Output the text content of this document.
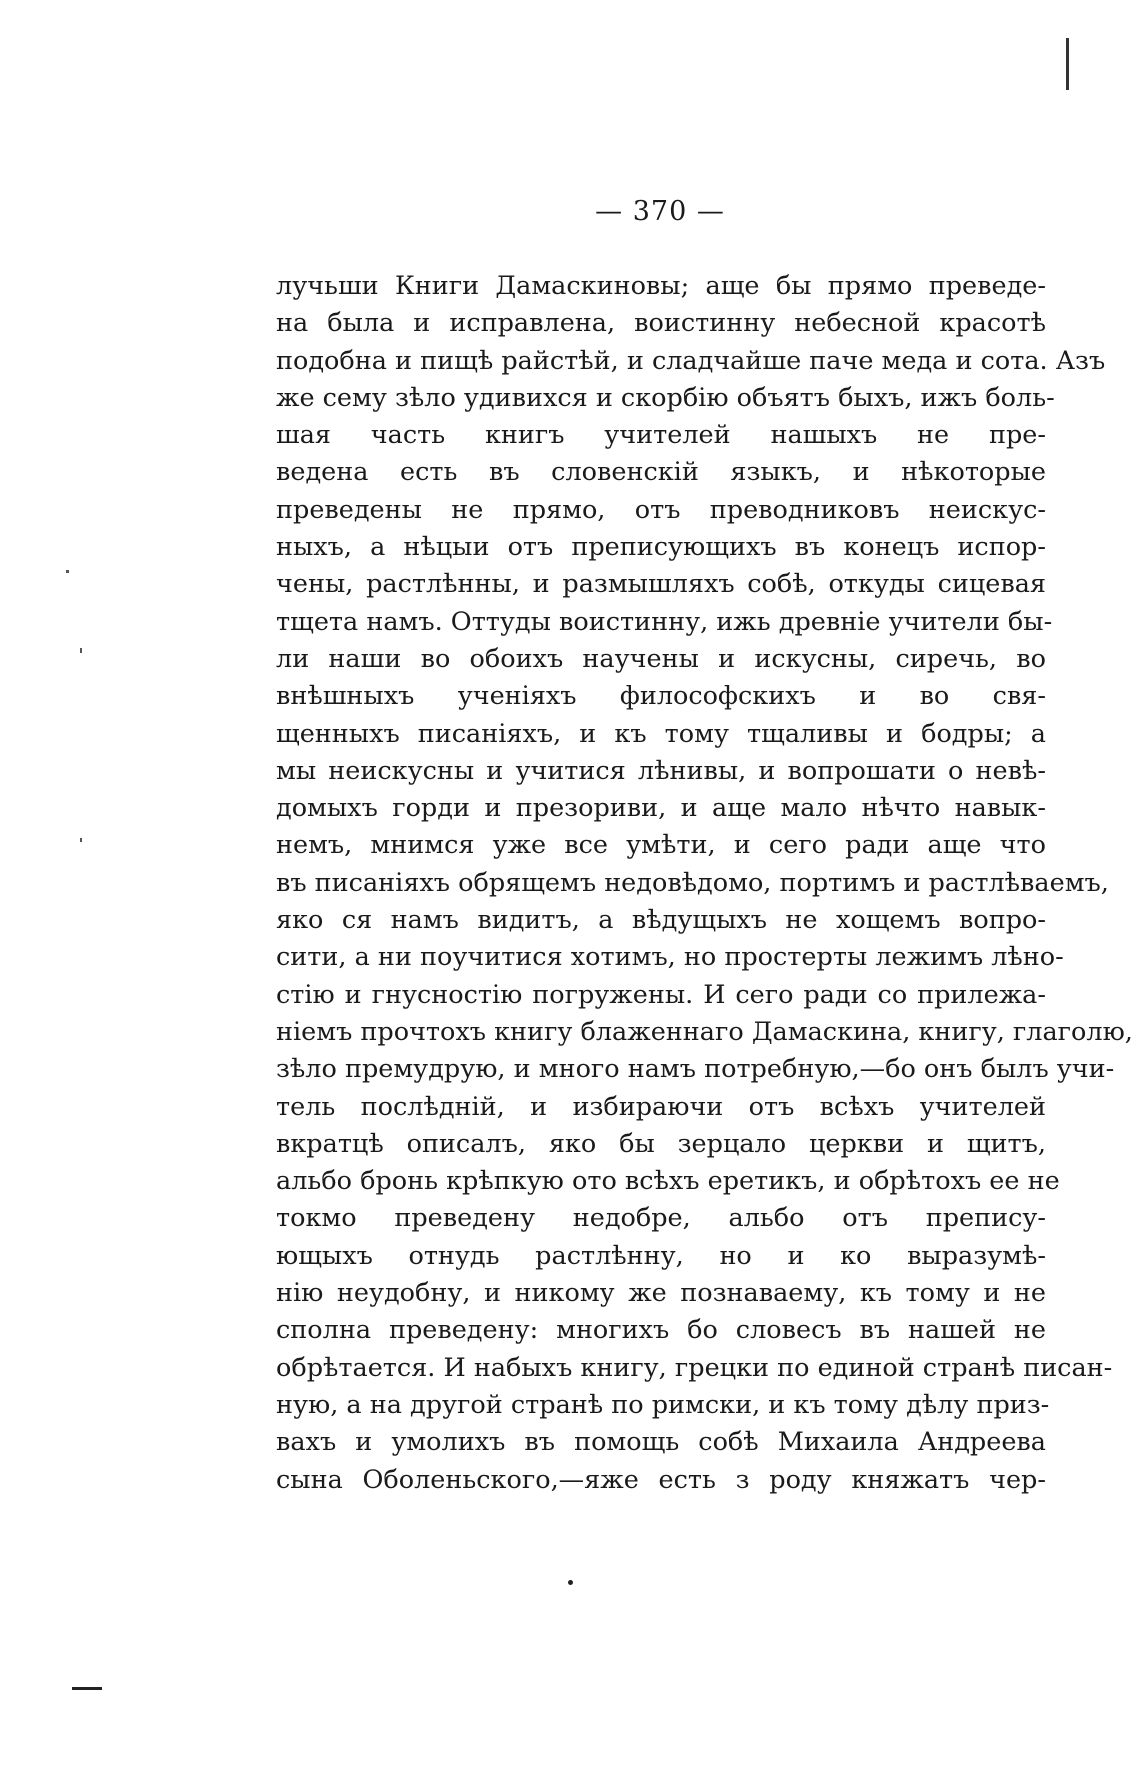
— 370 —
лучьши Книги Дамаскиновы; аще бы прямо преведе-
на была и исправлена, воистинну небесной красотѣ
подобна и пищѣ райстѣй, и сладчайше паче меда и сота. Азъ
же сему зѣло удивихся и скорбію объятъ быхъ, ижъ боль-
шая часть книгъ учителей нашыхъ не пре-
ведена есть въ словенскій языкъ, и нѣкоторые
преведены не прямо, отъ преводниковъ неискус-
ныхъ, а нѣцыи отъ преписующихъ въ конецъ испор-
чены, растлѣнны, и размышляхъ собѣ, откуды сицевая
тщета намъ. Оттуды воистинну, ижь древніе учители бы-
ли наши во обоихъ научены и искусны, сиречь, во
внѣшныхъ ученіяхъ философскихъ и во свя-
щенныхъ писаніяхъ, и къ тому тщаливы и бодры; а
мы неискусны и учитися лѣнивы, и вопрошати о невѣ-
домыхъ горди и презориви, и аще мало нѣчто навык-
немъ, мнимся уже все умѣти, и сего ради аще что
въ писаніяхъ обрящемъ недовѣдомо, портимъ и растлѣваемъ,
яко ся намъ видитъ, а вѣдущыхъ не хощемъ вопро-
сити, а ни поучитися хотимъ, но простерты лежимъ лѣно-
стію и гнусностію погружены. И сего ради со прилежа-
ніемъ прочтохъ книгу блаженнаго Дамаскина, книгу, глаголю,
зѣло премудрую, и много намъ потребную,—бо онъ былъ учи-
тель послѣдній, и избираючи отъ всѣхъ учителей
вкратцѣ описалъ, яко бы зерцало церкви и щитъ,
альбо бронь крѣпкую ото всѣхъ еретикъ, и обрѣтохъ ее не
токмо преведену недобре, альбо отъ препису-
ющыхъ отнудь растлѣнну, но и ко выразумѣ-
нію неудобну, и никому же познаваему, къ тому и не
сполна преведену: многихъ бо словесъ въ нашей не
обрѣтается. И набыхъ книгу, грецки по единой странѣ писан-
ную, а на другой странѣ по римски, и къ тому дѣлу приз-
вахъ и умолихъ въ помощь собѣ Михаила Андреева
сына Оболеньского,—яже есть з роду княжатъ чер-
